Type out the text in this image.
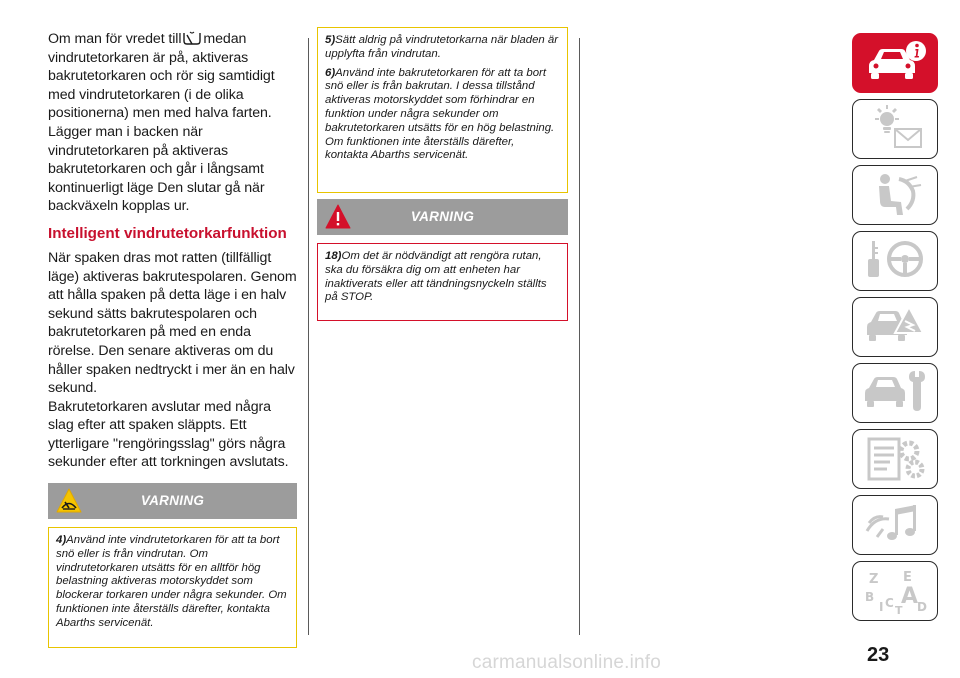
Om man för vredet till medan vindrutetorkaren är på, aktiveras bakrutetorkaren och rör sig samtidigt med vindrutetorkaren (i de olika positionerna) men med halva farten. Lägger man i backen när vindrutetorkaren på aktiveras bakrutetorkaren och går i långsamt kontinuerligt läge Den slutar gå när backväxeln kopplas ur.

Intelligent vindrutetorkarfunktion

När spaken dras mot ratten (tillfälligt läge) aktiveras bakrutespolaren. Genom att hålla spaken på detta läge i en halv sekund sätts bakrutespolaren och bakrutetorkaren på med en enda rörelse. Den senare aktiveras om du håller spaken nedtryckt i mer än en halv sekund.

Bakrutetorkaren avslutar med några slag efter att spaken släppts. Ett ytterligare "rengöringsslag" görs några sekunder efter att torkningen avslutats.

VARNING

4)Använd inte vindrutetorkaren för att ta bort snö eller is från vindrutan. Om vindrutetorkaren utsätts för en alltför hög belastning aktiveras motorskyddet som blockerar torkaren under några sekunder. Om funktionen inte återställs därefter, kontakta Abarths servicenät.

5)Sätt aldrig på vindrutetorkarna när bladen är upplyfta från vindrutan.

6)Använd inte bakrutetorkaren för att ta bort snö eller is från bakrutan. I dessa tillstånd aktiveras motorskyddet som förhindrar en funktion under några sekunder om bakrutetorkaren utsätts för en hög belastning. Om funktionen inte återställs därefter, kontakta Abarths servicenät.

VARNING

18)Om det är nödvändigt att rengöra rutan, ska du försäkra dig om att enheten har inaktiverats eller att tändningsnyckeln ställts på STOP.

Z E
B A
I C
T D
23
carmanualsonline.info
